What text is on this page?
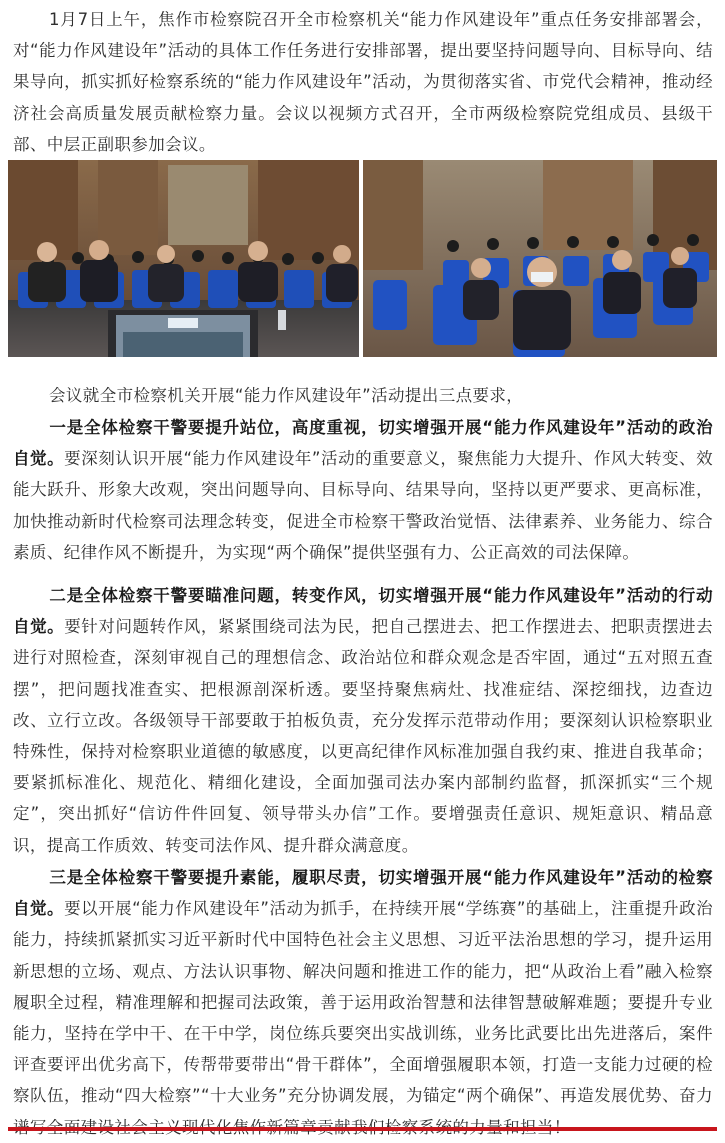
1月7日上午，焦作市检察院召开全市检察机关“能力作风建设年”重点任务安排部署会，对“能力作风建设年”活动的具体工作任务进行安排部署，提出要坚持问题导向、目标导向、结果导向，抓实抓好检察系统的“能力作风建设年”活动，为贯彻落实省、市党代会精神，推动经济社会高质量发展贡献检察力量。会议以视频方式召开，全市两级检察院党组成员、县级干部、中层正副职参加会议。

会议就全市检察机关开展“能力作风建设年”活动提出三点要求，

一是全体检察干警要提升站位，高度重视，切实增强开展“能力作风建设年”活动的政治自觉。要深刻认识开展“能力作风建设年”活动的重要意义，聚焦能力大提升、作风大转变、效能大跃升、形象大改观，突出问题导向、目标导向、结果导向，坚持以更严要求、更高标准，加快推动新时代检察司法理念转变，促进全市检察干警政治觉悟、法律素养、业务能力、综合素质、纪律作风不断提升，为实现“两个确保”提供坚强有力、公正高效的司法保障。

二是全体检察干警要瞄准问题，转变作风，切实增强开展“能力作风建设年”活动的行动自觉。要针对问题转作风，紧紧围绕司法为民，把自己摆进去、把工作摆进去、把职责摆进去进行对照检查，深刻审视自己的理想信念、政治站位和群众观念是否牢固，通过“五对照五查摆”，把问题找准查实、把根源剖深析透。要坚持聚焦病灶、找准症结、深挖细找，边查边改、立行立改。各级领导干部要敢于拍板负责，充分发挥示范带动作用；要深刻认识检察职业特殊性，保持对检察职业道德的敏感度，以更高纪律作风标准加强自我约束、推进自我革命；要紧抓标准化、规范化、精细化建设，全面加强司法办案内部制约监督，抓深抓实“三个规定”，突出抓好“信访件件回复、领导带头办信”工作。要增强责任意识、规矩意识、精品意识，提高工作质效、转变司法作风、提升群众满意度。

三是全体检察干警要提升素能，履职尽责，切实增强开展“能力作风建设年”活动的检察自觉。要以开展“能力作风建设年”活动为抓手，在持续开展“学练赛”的基础上，注重提升政治能力，持续抓紧抓实习近平新时代中国特色社会主义思想、习近平法治思想的学习，提升运用新思想的立场、观点、方法认识事物、解决问题和推进工作的能力，把“从政治上看”融入检察履职全过程，精准理解和把握司法政策，善于运用政治智慧和法律智慧破解难题；要提升专业能力，坚持在学中干、在干中学，岗位练兵要突出实战训练，业务比武要比出先进落后，案件评查要评出优劣高下，传帮带要带出“骨干群体”，全面增强履职本领，打造一支能力过硬的检察队伍，推动“四大检察”“十大业务”充分协调发展，为锚定“两个确保”、再造发展优势、奋力
